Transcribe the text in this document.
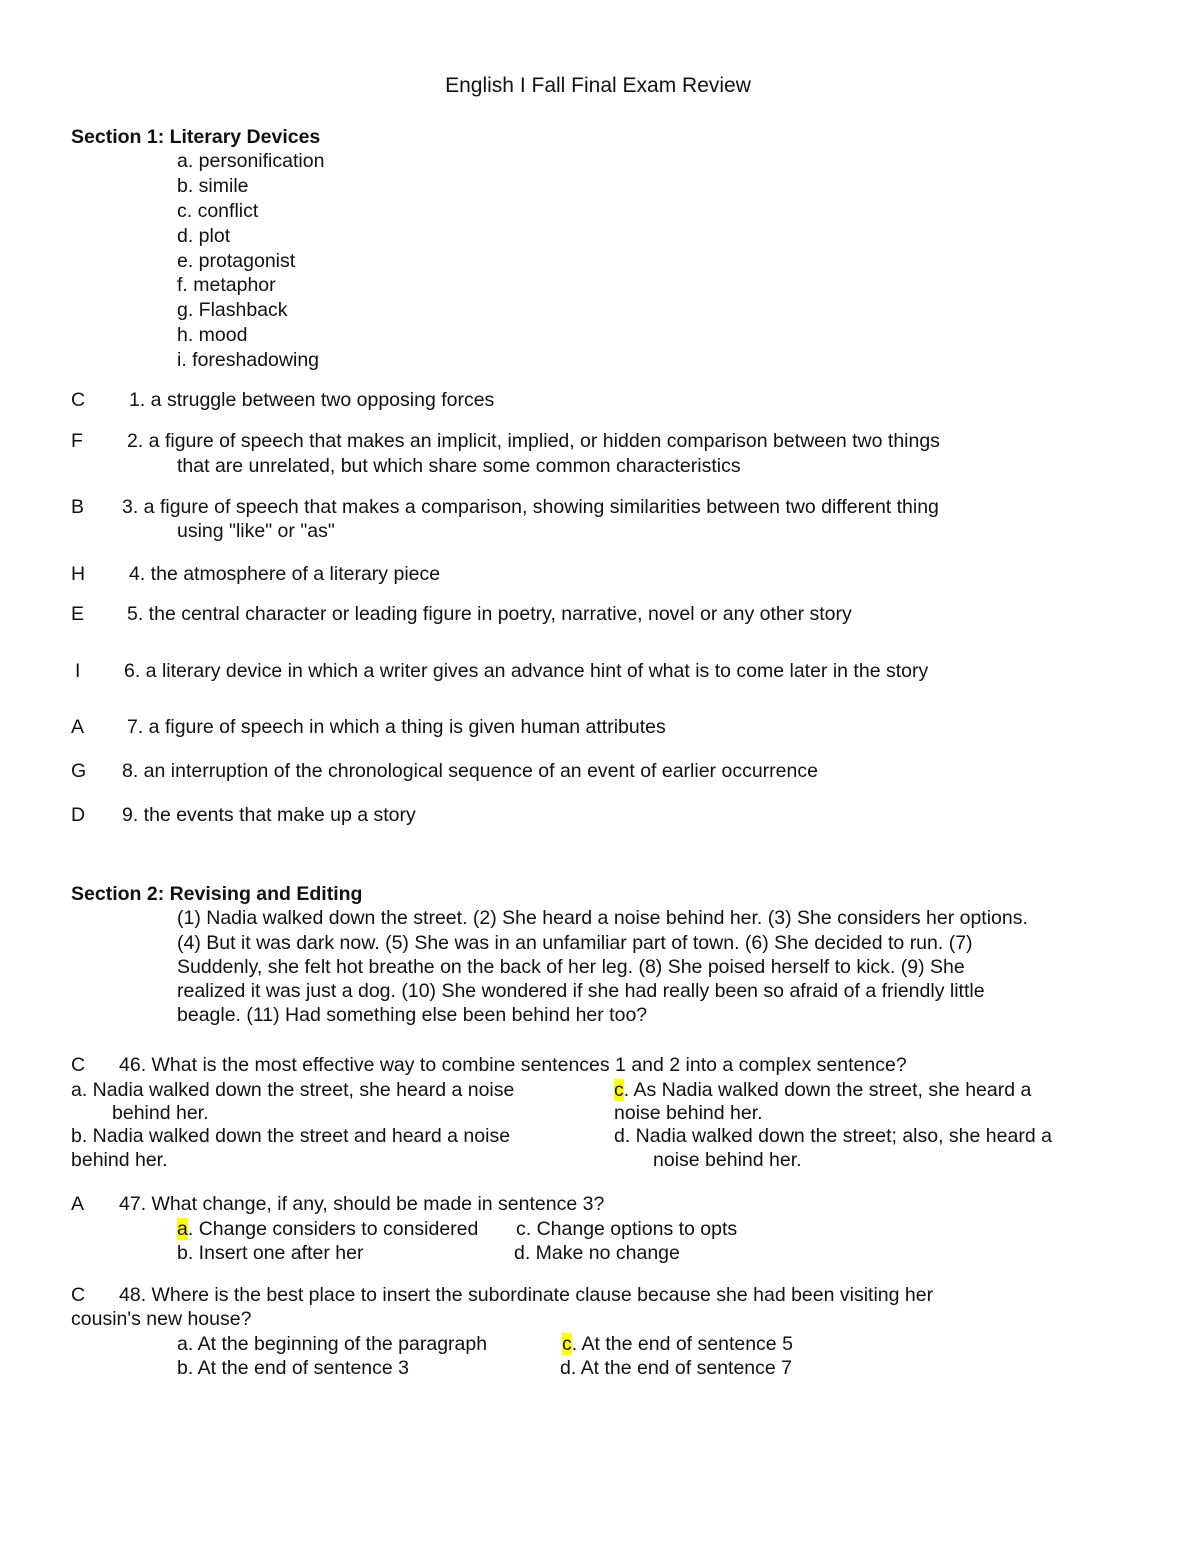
English I Fall Final Exam Review
Section 1: Literary Devices
a. personification
b. simile
c. conflict
d. plot
e. protagonist
f. metaphor
g. Flashback
h. mood
i. foreshadowing
C 1. a struggle between two opposing forces
F 2. a figure of speech that makes an implicit, implied, or hidden comparison between two things
that are unrelated, but which share some common characteristics
B 3. a figure of speech that makes a comparison, showing similarities between two different thing
using "like" or "as"
H 4. the atmosphere of a literary piece
E 5. the central character or leading figure in poetry, narrative, novel or any other story
I 6. a literary device in which a writer gives an advance hint of what is to come later in the story
A 7. a figure of speech in which a thing is given human attributes
G 8. an interruption of the chronological sequence of an event of earlier occurrence
D 9. the events that make up a story
Section 2: Revising and Editing
(1) Nadia walked down the street. (2) She heard a noise behind her. (3) She considers her options.
(4) But it was dark now. (5) She was in an unfamiliar part of town. (6) She decided to run. (7)
Suddenly, she felt hot breathe on the back of her leg. (8) She poised herself to kick. (9) She
realized it was just a dog. (10) She wondered if she had really been so afraid of a friendly little
beagle. (11) Had something else been behind her too?
C 46. What is the most effective way to combine sentences 1 and 2 into a complex sentence?
a. Nadia walked down the street, she heard a noise
behind her.
b. Nadia walked down the street and heard a noise
behind her.
c. As Nadia walked down the street, she heard a
noise behind her.
d. Nadia walked down the street; also, she heard a
noise behind her.
A 47. What change, if any, should be made in sentence 3?
a. Change considers to considered c. Change options to opts
b. Insert one after her	d. Make no change
C 48. Where is the best place to insert the subordinate clause because she had been visiting her
cousin's new house?
a. At the beginning of the paragraph	c. At the end of sentence 5
b. At the end of sentence 3	d. At the end of sentence 7
